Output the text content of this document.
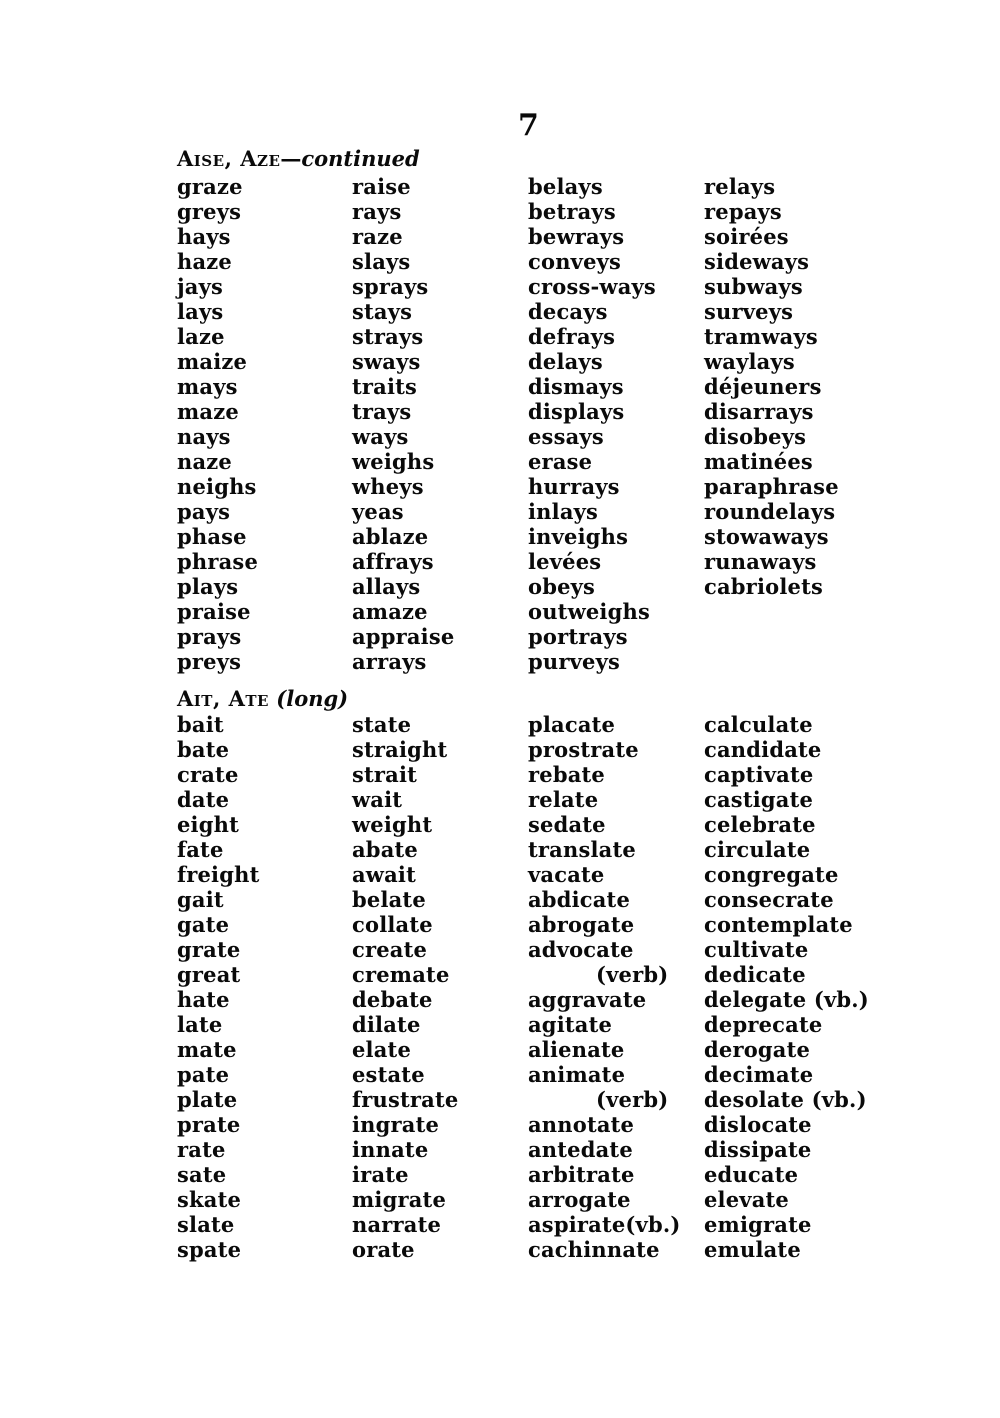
7
Aise, Aze—continued
graze
greys
hays
haze
jays
lays
laze
maize
mays
maze
nays
naze
neighs
pays
phase
phrase
plays
praise
prays
preys
raise
rays
raze
slays
sprays
stays
strays
sways
traits
trays
ways
weighs
wheys
yeas
ablaze
affrays
allays
amaze
appraise
arrays
belays
betrays
bewrays
conveys
cross-ways
decays
defrays
delays
dismays
displays
essays
erase
hurrays
inlays
inveighs
levées
obeys
outweighs
portrays
purveys
relays
repays
soirées
sideways
subways
surveys
tramways
waylays
déjeuners
disarrays
disobeys
matinées
paraphrase
roundelays
stowaways
runaways
cabriolets
Ait, Ate (long)
bait
bate
crate
date
eight
fate
freight
gait
gate
grate
great
hate
late
mate
pate
plate
prate
rate
sate
skate
slate
spate
state
straight
strait
wait
weight
abate
await
belate
collate
create
cremate
debate
dilate
elate
estate
frustrate
ingrate
innate
irate
migrate
narrate
orate
placate
prostrate
rebate
relate
sedate
translate
vacate
abdicate
abrogate
advocate
(verb)
aggravate
agitate
alienate
animate
(verb)
annotate
antedate
arbitrate
arrogate
aspirate(vb.)
cachinnate
calculate
candidate
captivate
castigate
celebrate
circulate
congregate
consecrate
contemplate
cultivate
dedicate
delegate (vb.)
deprecate
derogate
decimate
desolate (vb.)
dislocate
dissipate
educate
elevate
emigrate
emulate
